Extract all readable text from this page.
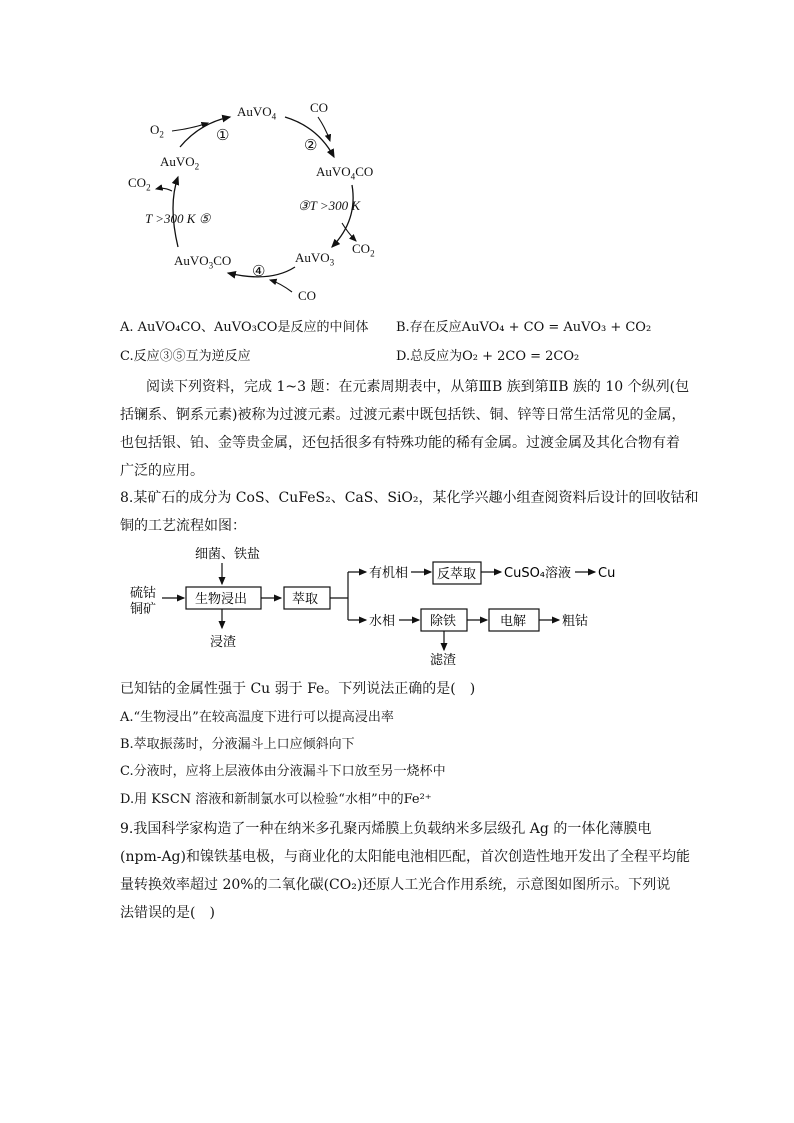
AuVO$_4$
AuVO$_4$CO
AuVO$_3$
AuVO$_3$CO
AuVO$_2$
$O_2$
CO
$CO_2$
CO
$CO_2$
①
②
③T >300 K
④
T >300 K ⑤
A. AuVO₄CO、AuVO₃CO是反应的中间体 B.存在反应AuVO₄ + CO = AuVO₃ + CO₂
C.反应③⑤互为逆反应	D.总反应为O₂ + 2CO = 2CO₂
阅读下列资料，完成 1~3 题：在元素周期表中，从第ⅢB 族到第ⅡB 族的 10 个纵列(包
括镧系、锕系元素)被称为过渡元素。过渡元素中既包括铁、铜、锌等日常生活常见的金属，
也包括银、铂、金等贵金属，还包括很多有特殊功能的稀有金属。过渡金属及其化合物有着
广泛的应用。
8.某矿石的成分为 CoS、CuFeS₂、CaS、SiO₂，某化学兴趣小组查阅资料后设计的回收钴和
铜的工艺流程如图：
硫钴
铜矿
细菌、铁盐
生物浸出
浸渣
萃取
有机相 反萃取 CuSO₄溶液 Cu
水相	除铁
滤渣
电解	粗钴
已知钴的金属性强于 Cu 弱于 Fe。下列说法正确的是(　)
A.“生物浸出”在较高温度下进行可以提高浸出率
B.萃取振荡时，分液漏斗上口应倾斜向下
C.分液时，应将上层液体由分液漏斗下口放至另一烧杯中
D.用 KSCN 溶液和新制氯水可以检验“水相”中的Fe²⁺
9.我国科学家构造了一种在纳米多孔聚丙烯膜上负载纳米多层级孔 Ag 的一体化薄膜电
(npm-Ag)和镍铁基电极，与商业化的太阳能电池相匹配，首次创造性地开发出了全程平均能
量转换效率超过 20%的二氧化碳(CO₂)还原人工光合作用系统，示意图如图所示。下列说
法错误的是(　)
